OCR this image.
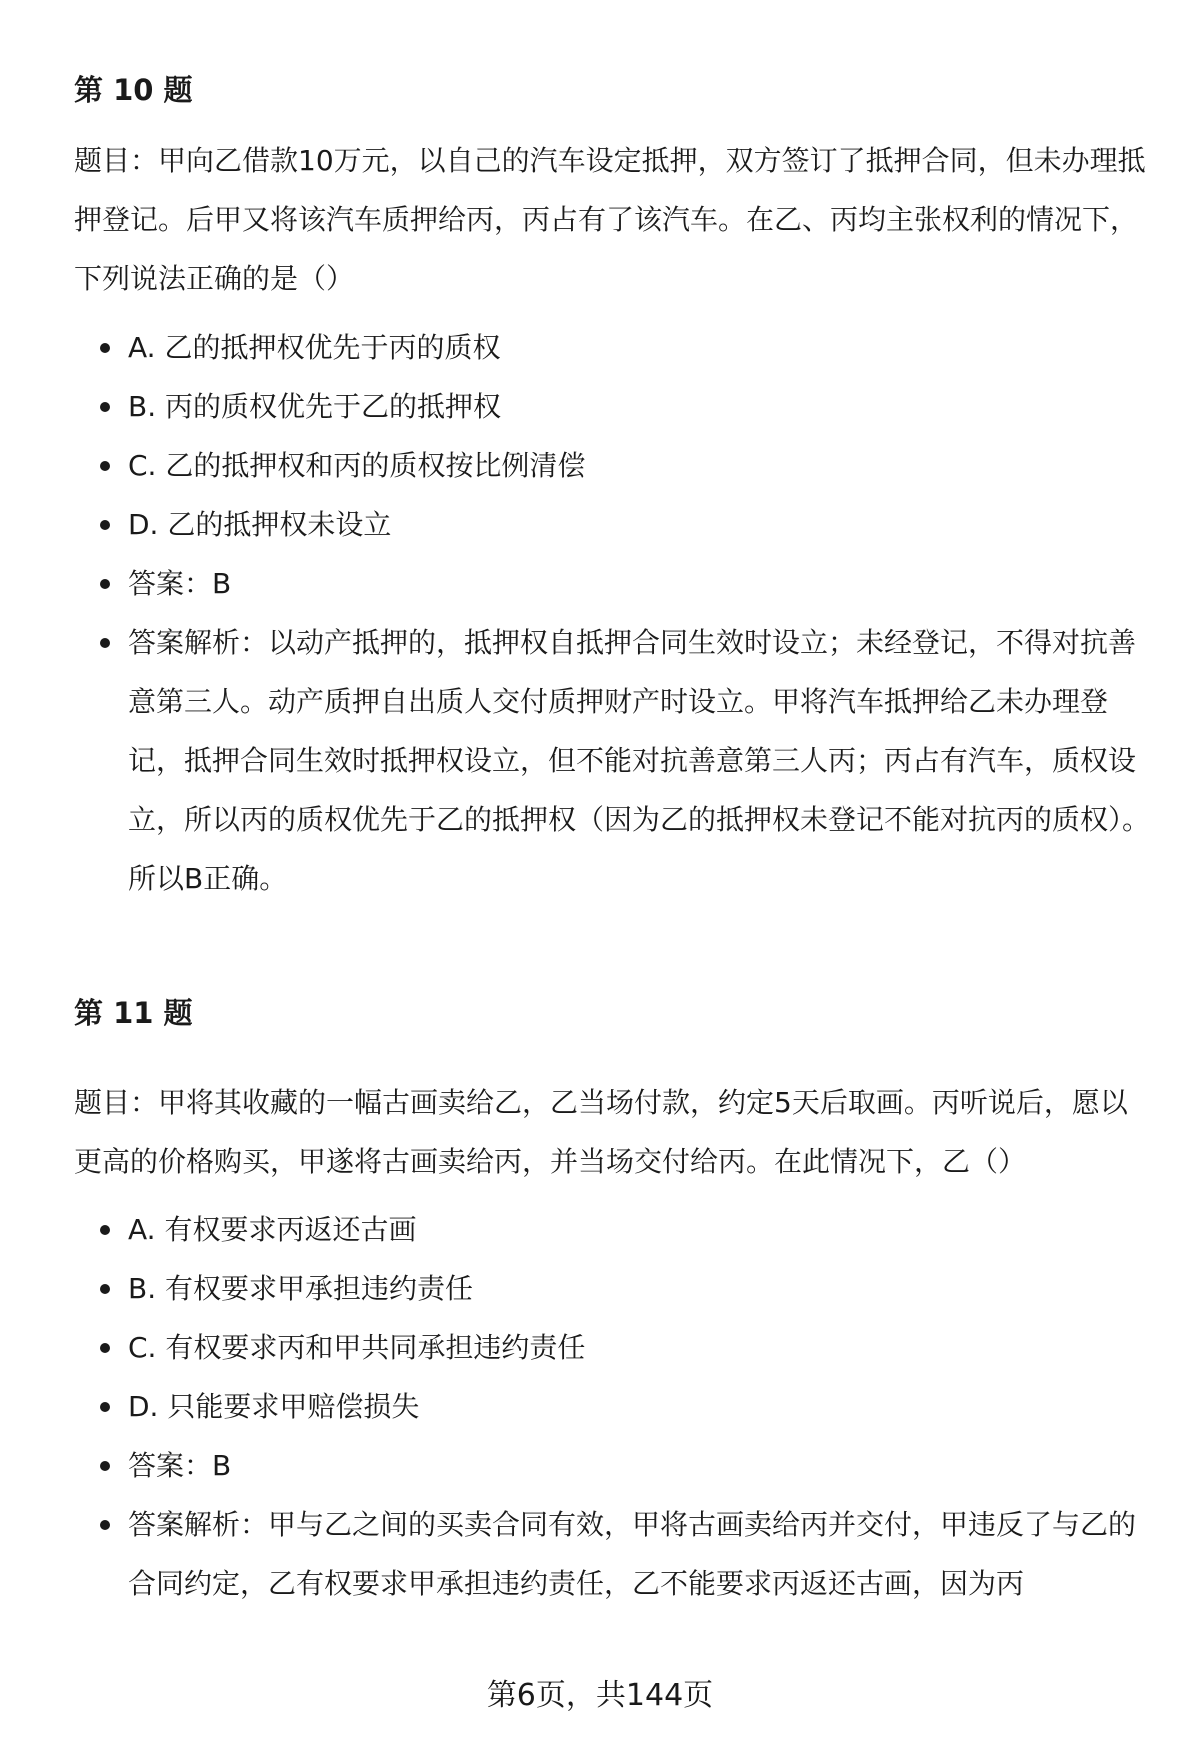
第 10 题

题目：甲向乙借款10万元，以自己的汽车设定抵押，双方签订了抵押合同，但未办理抵押登记。后甲又将该汽车质押给丙，丙占有了该汽车。在乙、丙均主张权利的情况下，下列说法正确的是（）

A. 乙的抵押权优先于丙的质权
B. 丙的质权优先于乙的抵押权
C. 乙的抵押权和丙的质权按比例清偿
D. 乙的抵押权未设立
答案：B
答案解析：以动产抵押的，抵押权自抵押合同生效时设立；未经登记，不得对抗善意第三人。动产质押自出质人交付质押财产时设立。甲将汽车抵押给乙未办理登记，抵押合同生效时抵押权设立，但不能对抗善意第三人丙；丙占有汽车，质权设立，所以丙的质权优先于乙的抵押权（因为乙的抵押权未登记不能对抗丙的质权）。所以B正确。
第 11 题

题目：甲将其收藏的一幅古画卖给乙，乙当场付款，约定5天后取画。丙听说后，愿以更高的价格购买，甲遂将古画卖给丙，并当场交付给丙。在此情况下，乙（）

A. 有权要求丙返还古画
B. 有权要求甲承担违约责任
C. 有权要求丙和甲共同承担违约责任
D. 只能要求甲赔偿损失
答案：B
答案解析：甲与乙之间的买卖合同有效，甲将古画卖给丙并交付，甲违反了与乙的合同约定，乙有权要求甲承担违约责任，乙不能要求丙返还古画，因为丙
第6页，共144页
